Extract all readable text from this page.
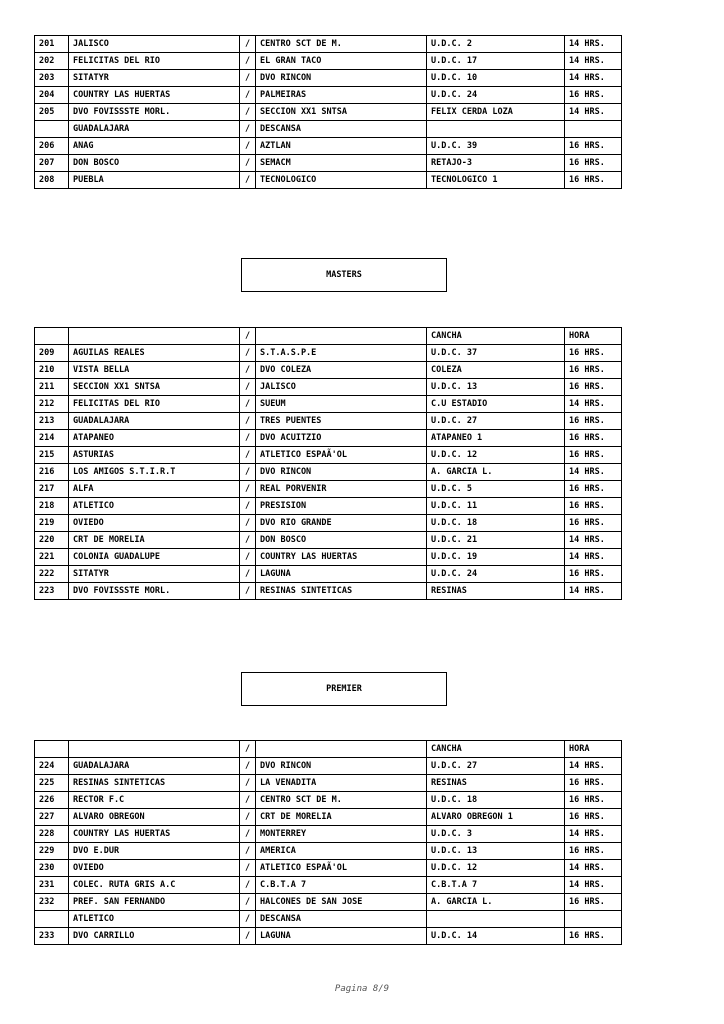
201	JALISCO	/	CENTRO SCT DE M.	U.D.C. 2	14 HRS.
202	FELICITAS DEL RIO	/	EL GRAN TACO	U.D.C. 17	14 HRS.
203	SITATYR	/	DVO RINCON	U.D.C. 10	14 HRS.
204	COUNTRY LAS HUERTAS	/	PALMEIRAS	U.D.C. 24	16 HRS.
205	DVO FOVISSSTE MORL.	/	SECCION XX1 SNTSA	FELIX CERDA LOZA	14 HRS.
	GUADALAJARA	/	DESCANSA		
206	ANAG	/	AZTLAN	U.D.C. 39	16 HRS.
207	DON BOSCO	/	SEMACM	RETAJO-3	16 HRS.
208	PUEBLA	/	TECNOLOGICO	TECNOLOGICO 1	16 HRS.
MASTERS
		/		CANCHA	HORA
209	AGUILAS REALES	/	S.T.A.S.P.E	U.D.C. 37	16 HRS.
210	VISTA BELLA	/	DVO COLEZA	COLEZA	16 HRS.
211	SECCION XX1 SNTSA	/	JALISCO	U.D.C. 13	16 HRS.
212	FELICITAS DEL RIO	/	SUEUM	C.U ESTADIO	14 HRS.
213	GUADALAJARA	/	TRES PUENTES	U.D.C. 27	16 HRS.
214	ATAPANEO	/	DVO ACUITZIO	ATAPANEO 1	16 HRS.
215	ASTURIAS	/	ATLETICO ESPAÃ'OL	U.D.C. 12	16 HRS.
216	LOS AMIGOS S.T.I.R.T	/	DVO RINCON	A. GARCIA L.	14 HRS.
217	ALFA	/	REAL PORVENIR	U.D.C. 5	16 HRS.
218	ATLETICO	/	PRESISION	U.D.C. 11	16 HRS.
219	OVIEDO	/	DVO RIO GRANDE	U.D.C. 18	16 HRS.
220	CRT DE MORELIA	/	DON BOSCO	U.D.C. 21	14 HRS.
221	COLONIA GUADALUPE	/	COUNTRY LAS HUERTAS	U.D.C. 19	14 HRS.
222	SITATYR	/	LAGUNA	U.D.C. 24	16 HRS.
223	DVO FOVISSSTE MORL.	/	RESINAS SINTETICAS	RESINAS	14 HRS.
PREMIER
		/		CANCHA	HORA
224	GUADALAJARA	/	DVO RINCON	U.D.C. 27	14 HRS.
225	RESINAS SINTETICAS	/	LA VENADITA	RESINAS	16 HRS.
226	RECTOR F.C	/	CENTRO SCT DE M.	U.D.C. 18	16 HRS.
227	ALVARO OBREGON	/	CRT DE MORELIA	ALVARO OBREGON 1	16 HRS.
228	COUNTRY LAS HUERTAS	/	MONTERREY	U.D.C. 3	14 HRS.
229	DVO E.DUR	/	AMERICA	U.D.C. 13	16 HRS.
230	OVIEDO	/	ATLETICO ESPAÃ'OL	U.D.C. 12	14 HRS.
231	COLEC. RUTA GRIS A.C	/	C.B.T.A 7	C.B.T.A 7	14 HRS.
232	PREF. SAN FERNANDO	/	HALCONES DE SAN JOSE	A. GARCIA L.	16 HRS.
	ATLETICO	/	DESCANSA		
233	DVO CARRILLO	/	LAGUNA	U.D.C. 14	16 HRS.
Pagina 8/9
